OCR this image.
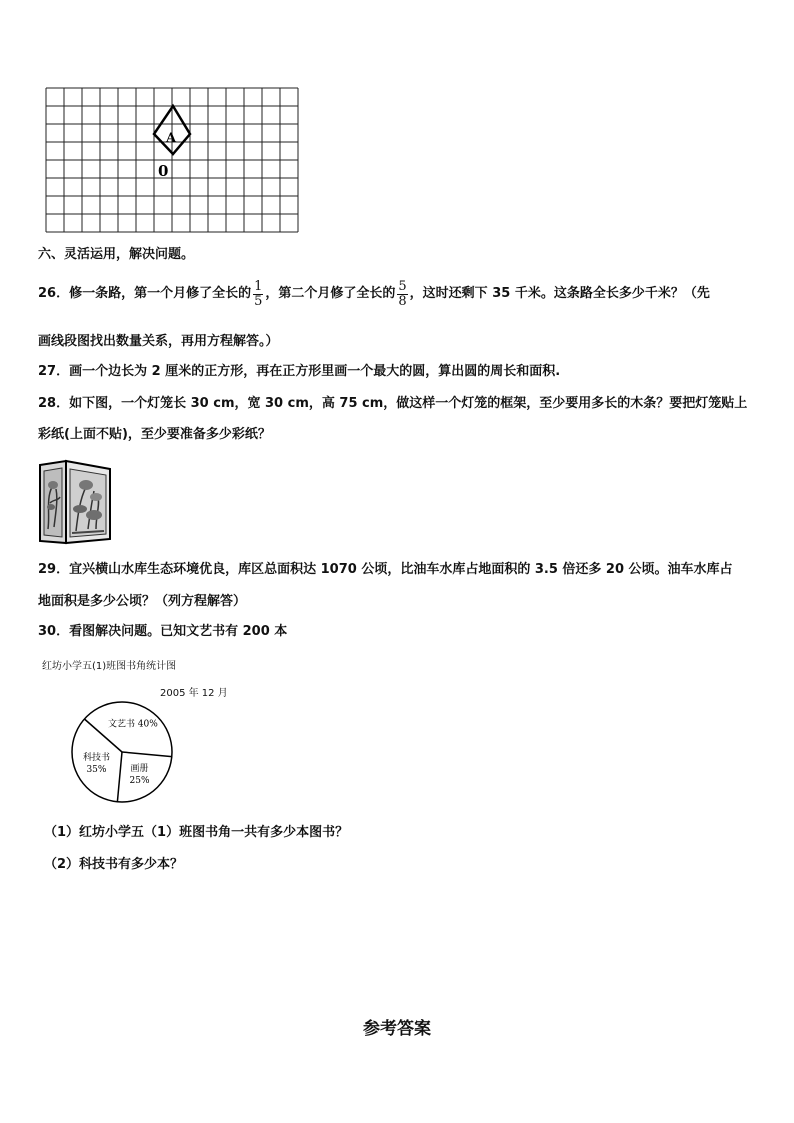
A
0
六、灵活运用，解决问题。
26．修一条路，第一个月修了全长的 $\frac{1}{5}$ ，第二个月修了全长的 $\frac{5}{8}$ ，这时还剩下 35 千米。这条路全长多少千米？（先
画线段图找出数量关系，再用方程解答。）
27．画一个边长为 2 厘米的正方形，再在正方形里画一个最大的圆，算出圆的周长和面积.
28．如下图，一个灯笼长 30 cm，宽 30 cm，高 75 cm，做这样一个灯笼的框架，至少要用多长的木条？要把灯笼贴上
彩纸(上面不贴)，至少要准备多少彩纸？
29．宜兴横山水库生态环境优良，库区总面积达 1070 公顷，比油车水库占地面积的 3.5 倍还多 20 公顷。油车水库占
地面积是多少公顷？（列方程解答）
30．看图解决问题。已知文艺书有 200 本
红坊小学五(1)班图书角统计图
2005 年 12 月
文艺书 40%
画册 25%
科技书 35%
（1）红坊小学五（1）班图书角一共有多少本图书？
（2）科技书有多少本？
参考答案
